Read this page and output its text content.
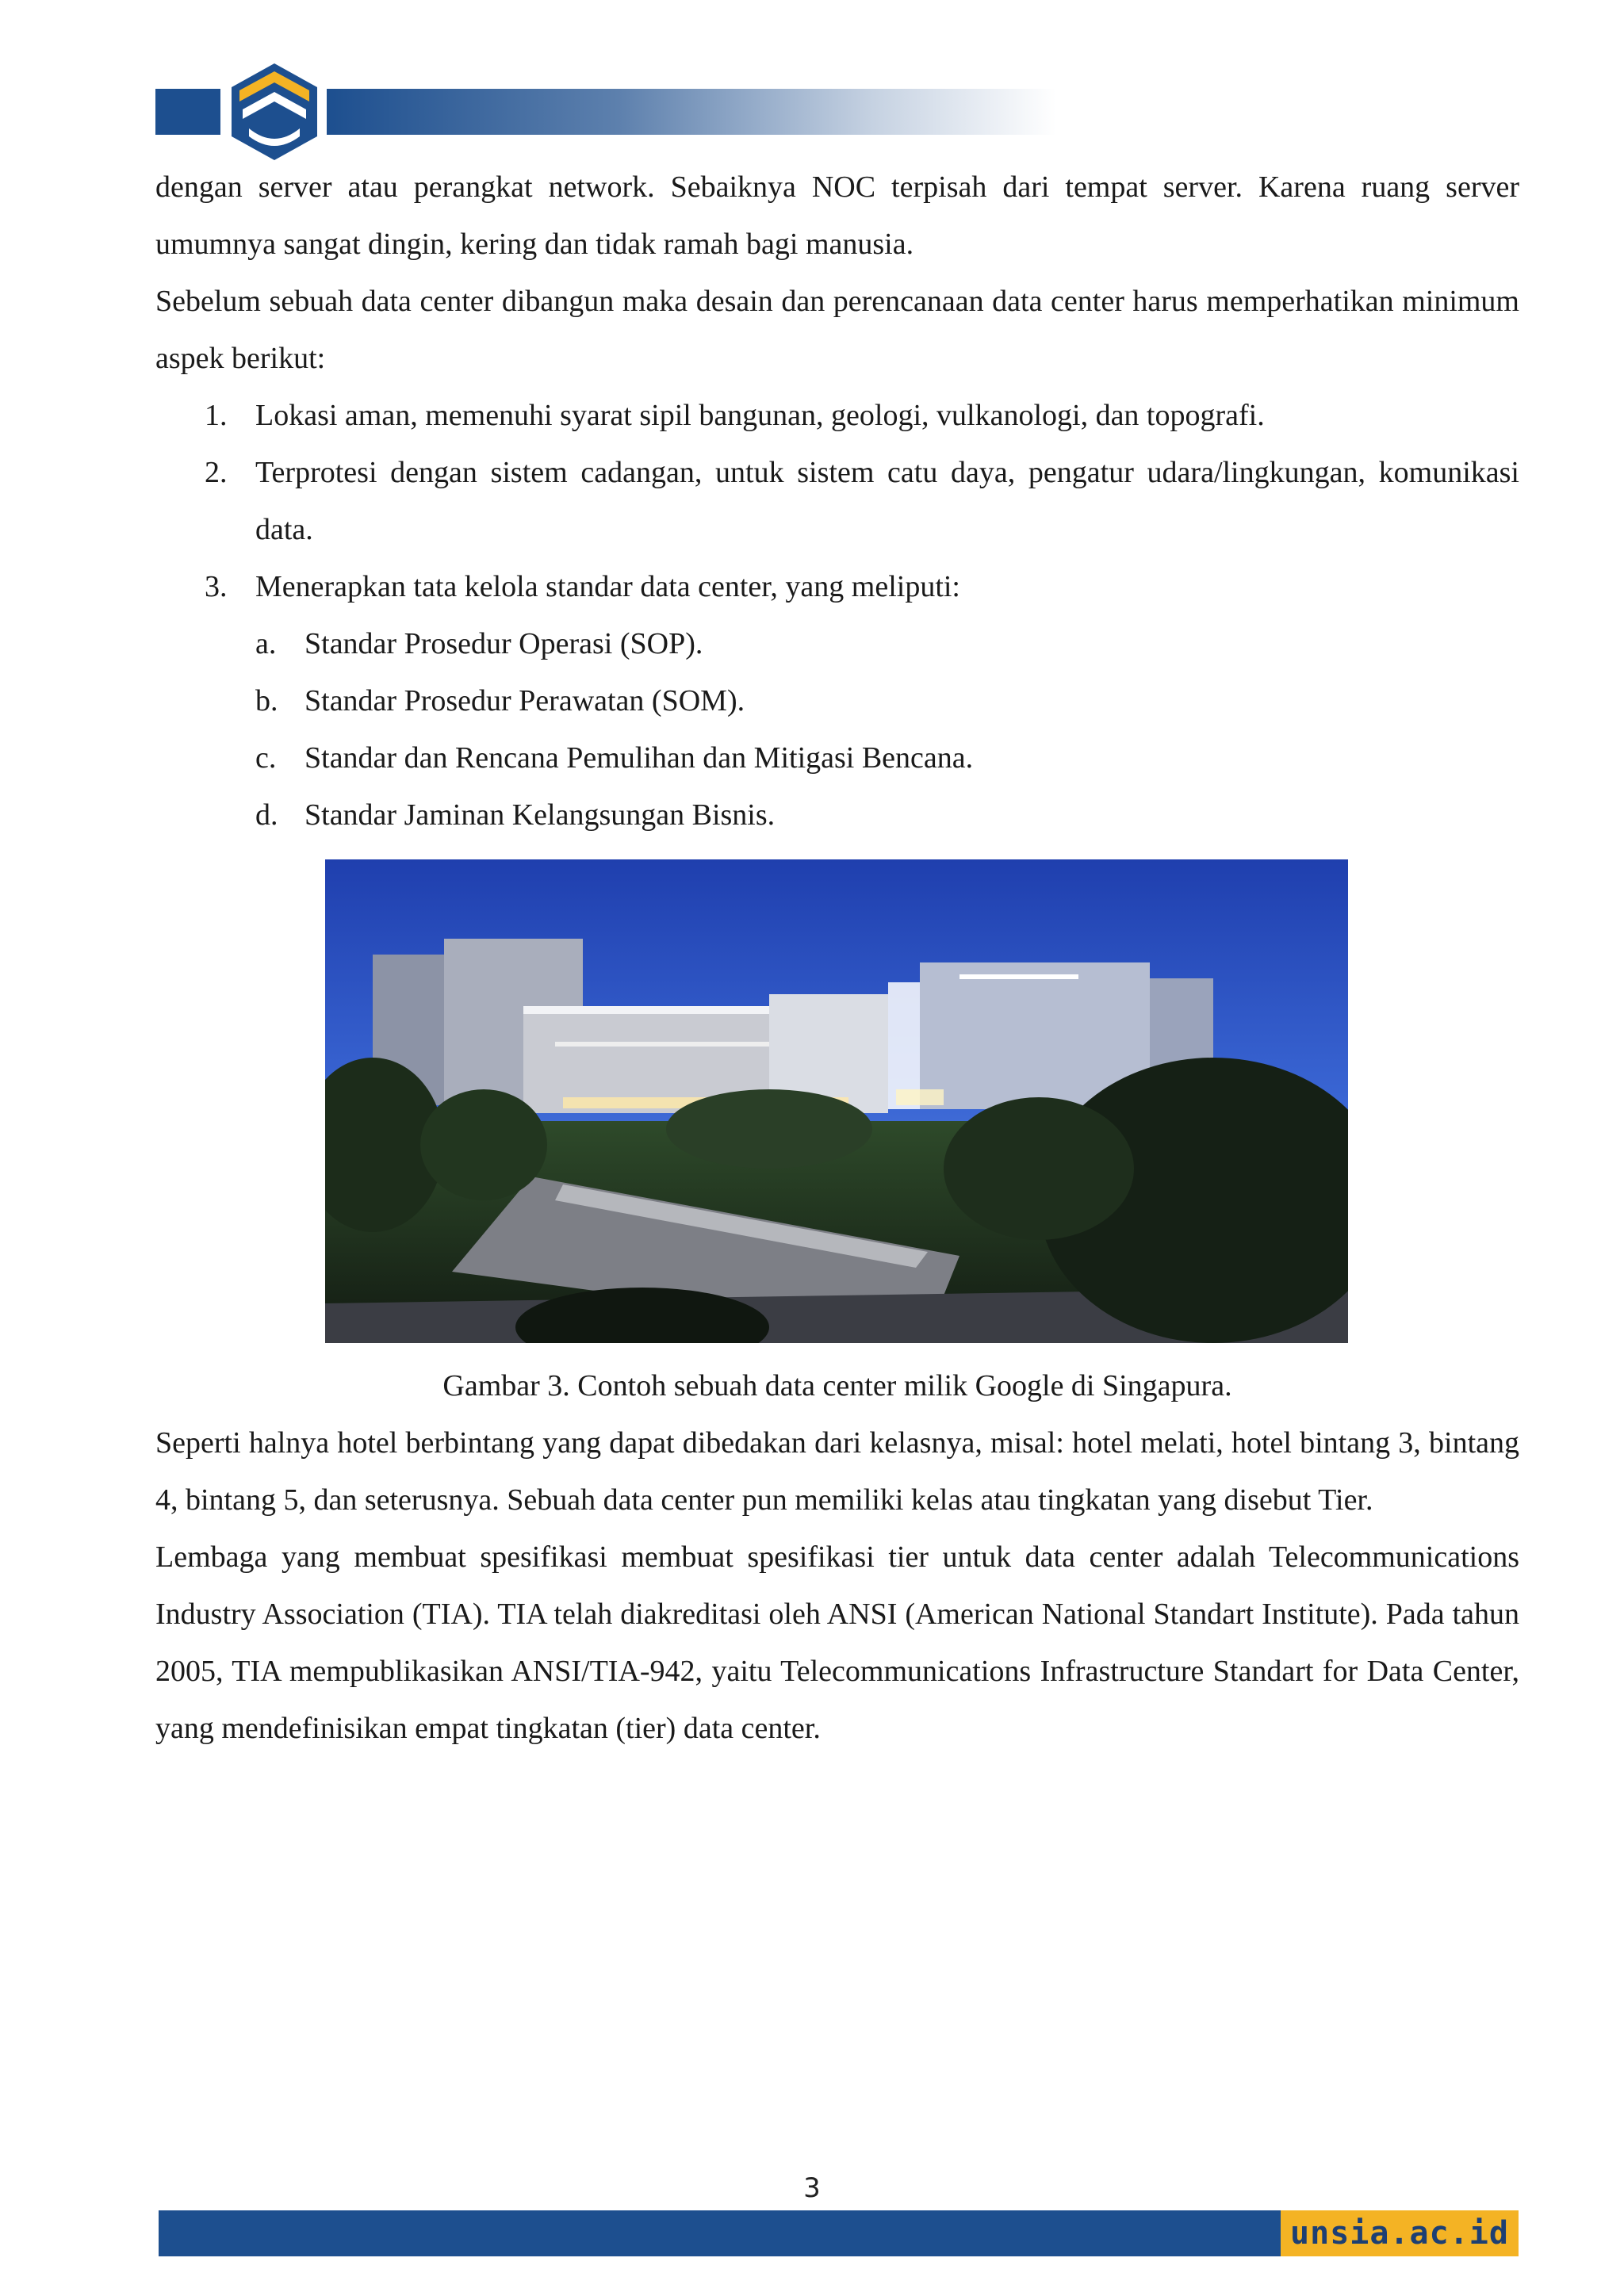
dengan server atau perangkat network. Sebaiknya NOC terpisah dari tempat server. Karena ruang server umumnya sangat dingin, kering dan tidak ramah bagi manusia.

Sebelum sebuah data center dibangun maka desain dan perencanaan data center harus memperhatikan minimum aspek berikut:

1. Lokasi aman, memenuhi syarat sipil bangunan, geologi, vulkanologi, dan topografi.
2. Terprotesi dengan sistem cadangan, untuk sistem catu daya, pengatur udara/lingkungan, komunikasi data.
3. Menerapkan tata kelola standar data center, yang meliputi:
a. Standar Prosedur Operasi (SOP).
b. Standar Prosedur Perawatan (SOM).
c. Standar dan Rencana Pemulihan dan Mitigasi Bencana.
d. Standar Jaminan Kelangsungan Bisnis.

Gambar 3. Contoh sebuah data center milik Google di Singapura.

Seperti halnya hotel berbintang yang dapat dibedakan dari kelasnya, misal: hotel melati, hotel bintang 3, bintang 4, bintang 5, dan seterusnya. Sebuah data center pun memiliki kelas atau tingkatan yang disebut Tier.

Lembaga yang membuat spesifikasi membuat spesifikasi tier untuk data center adalah Telecommunications Industry Association (TIA). TIA telah diakreditasi oleh ANSI (American National Standart Institute). Pada tahun 2005, TIA mempublikasikan ANSI/TIA-942, yaitu Telecommunications Infrastructure Standart for Data Center, yang mendefinisikan empat tingkatan (tier) data center.

3
unsia.ac.id
